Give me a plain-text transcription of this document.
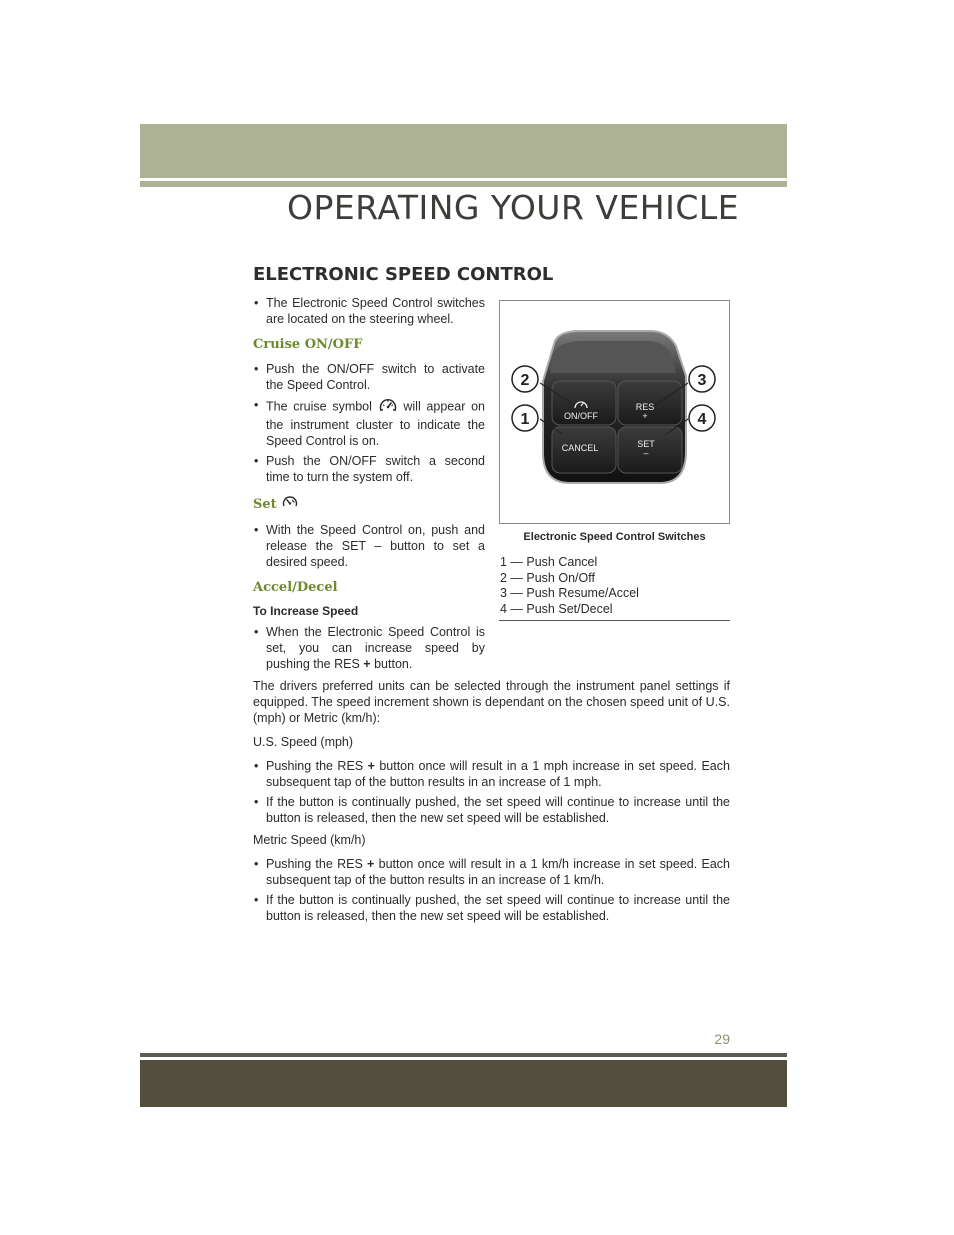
OPERATING YOUR VEHICLE
ELECTRONIC SPEED CONTROL
• The Electronic Speed Control switches are located on the steering wheel.
Cruise ON/OFF
• Push the ON/OFF switch to activate the Speed Control.
• The cruise symbol	will appear on the instrument cluster to indicate the Speed Control is on.
• Push the ON/OFF switch a second time to turn the system off.
Set
• With the Speed Control on, push and release the SET – button to set a desired speed.
Accel/Decel
To Increase Speed
• When the Electronic Speed Control is set, you can increase speed by pushing the RES + button.
ON/OFF
RES
+
CANCEL	SET
–
2
1
3
4
Electronic Speed Control Switches
1 — Push Cancel
2 — Push On/Off
3 — Push Resume/Accel
4 — Push Set/Decel

The drivers preferred units can be selected through the instrument panel settings if equipped. The speed increment shown is dependant on the chosen speed unit of U.S. (mph) or Metric (km/h):

U.S. Speed (mph)

• Pushing the RES + button once will result in a 1 mph increase in set speed. Each subsequent tap of the button results in an increase of 1 mph.
• If the button is continually pushed, the set speed will continue to increase until the button is released, then the new set speed will be established.

Metric Speed (km/h)

• Pushing the RES + button once will result in a 1 km/h increase in set speed. Each subsequent tap of the button results in an increase of 1 km/h.
• If the button is continually pushed, the set speed will continue to increase until the button is released, then the new set speed will be established.
29
